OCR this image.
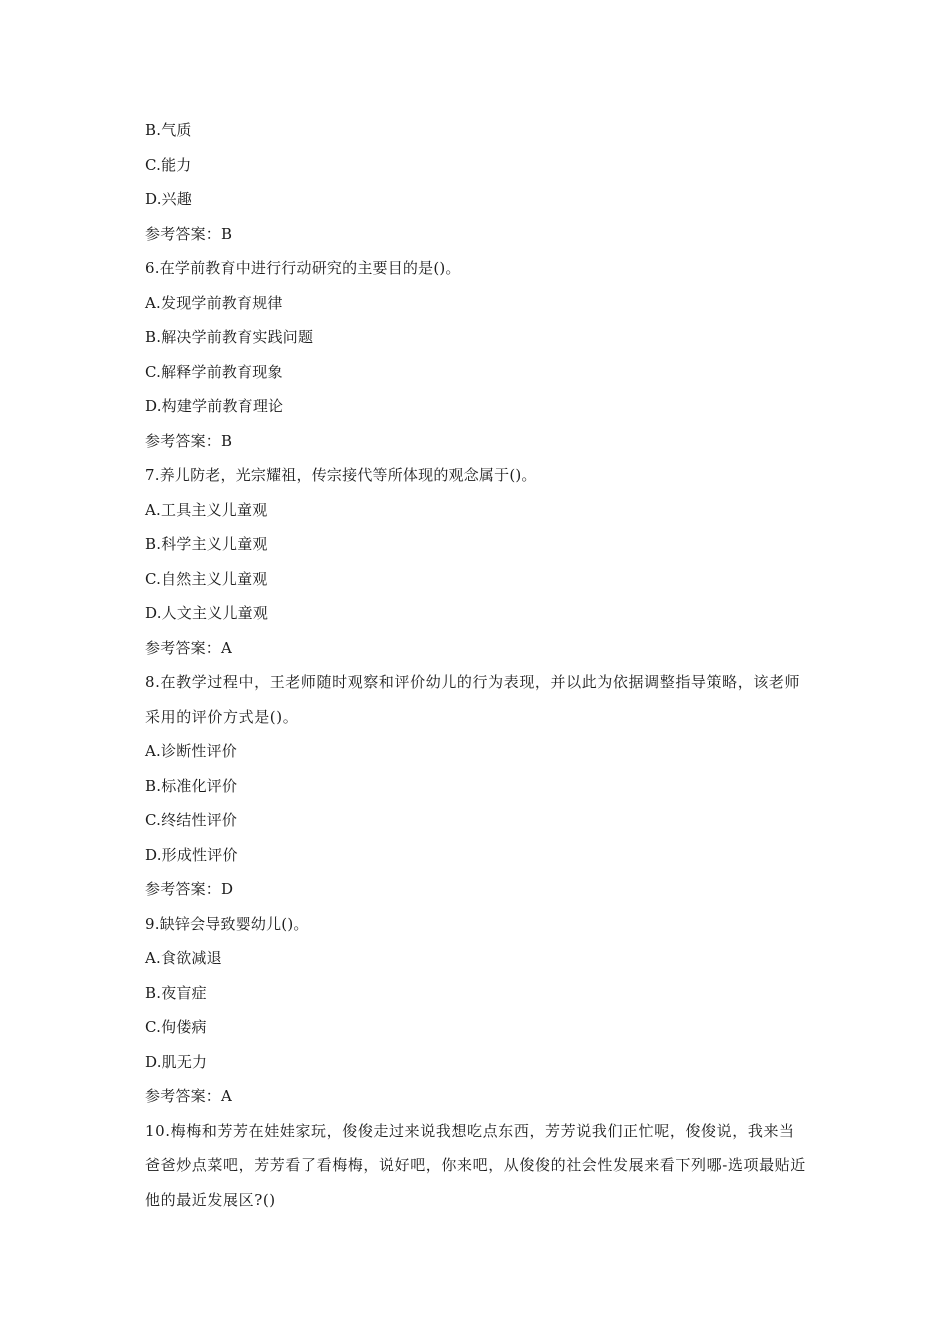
B.气质
C.能力
D.兴趣
参考答案：B
6.在学前教育中进行行动研究的主要目的是()。
A.发现学前教育规律
B.解决学前教育实践问题
C.解释学前教育现象
D.构建学前教育理论
参考答案：B
7.养儿防老，光宗耀祖，传宗接代等所体现的观念属于()。
A.工具主义儿童观
B.科学主义儿童观
C.自然主义儿童观
D.人文主义儿童观
参考答案：A
8.在教学过程中，王老师随时观察和评价幼儿的行为表现，并以此为依据调整指导策略，该老师采用的评价方式是()。
A.诊断性评价
B.标准化评价
C.终结性评价
D.形成性评价
参考答案：D
9.缺锌会导致婴幼儿()。
A.食欲减退
B.夜盲症
C.佝偻病
D.肌无力
参考答案：A
10.梅梅和芳芳在娃娃家玩，俊俊走过来说我想吃点东西，芳芳说我们正忙呢，俊俊说，我来当爸爸炒点菜吧，芳芳看了看梅梅，说好吧，你来吧，从俊俊的社会性发展来看下列哪-选项最贴近他的最近发展区?()
